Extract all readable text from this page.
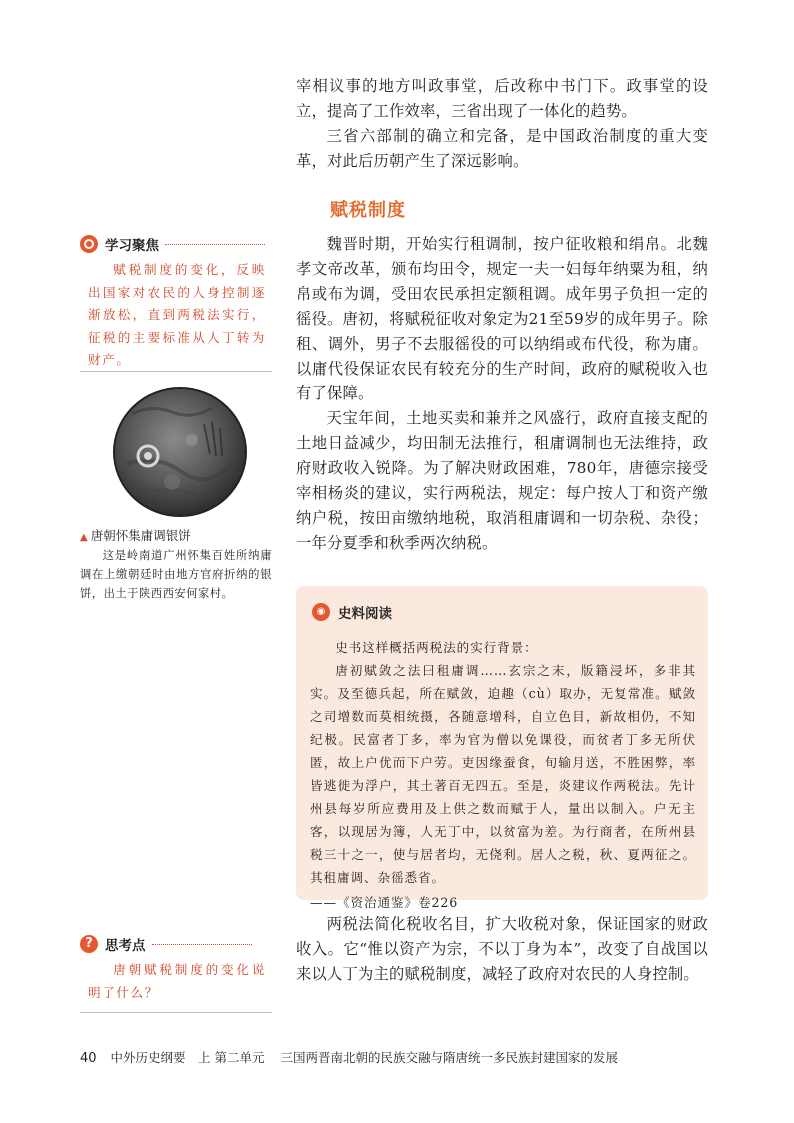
宰相议事的地方叫政事堂，后改称中书门下。政事堂的设立，提高了工作效率，三省出现了一体化的趋势。

三省六部制的确立和完备，是中国政治制度的重大变革，对此后历朝产生了深远影响。

赋税制度

魏晋时期，开始实行租调制，按户征收粮和绢帛。北魏孝文帝改革，颁布均田令，规定一夫一妇每年纳粟为租，纳帛或布为调，受田农民承担定额租调。成年男子负担一定的徭役。唐初，将赋税征收对象定为21至59岁的成年男子。除租、调外，男子不去服徭役的可以纳绢或布代役，称为庸。以庸代役保证农民有较充分的生产时间，政府的赋税收入也有了保障。

天宝年间，土地买卖和兼并之风盛行，政府直接支配的土地日益减少，均田制无法推行，租庸调制也无法维持，政府财政收入锐降。为了解决财政困难，780年，唐德宗接受宰相杨炎的建议，实行两税法，规定：每户按人丁和资产缴纳户税，按田亩缴纳地税，取消租庸调和一切杂税、杂役；一年分夏季和秋季两次纳税。

学习聚焦
赋税制度的变化，反映出国家对农民的人身控制逐渐放松，直到两税法实行，征税的主要标准从人丁转为财产。
▲ 唐朝怀集庸调银饼
这是岭南道广州怀集百姓所纳庸调在上缴朝廷时由地方官府折纳的银饼，出土于陕西西安何家村。
◉ 史料阅读

史书这样概括两税法的实行背景：

唐初赋敛之法曰租庸调……玄宗之末，版籍浸坏，多非其实。及至德兵起，所在赋敛，迫趣（cù）取办，无复常准。赋敛之司增数而莫相统摄，各随意增科，自立色目，新故相仍，不知纪极。民富者丁多，率为官为僧以免课役，而贫者丁多无所伏匿，故上户优而下户劳。吏因缘蚕食，旬输月送，不胜困弊，率皆逃徙为浮户，其土著百无四五。至是，炎建议作两税法。先计州县每岁所应费用及上供之数而赋于人，量出以制入。户无主客，以现居为簿，人无丁中，以贫富为差。为行商者，在所州县税三十之一，使与居者均，无侥利。居人之税，秋、夏两征之。其租庸调、杂徭悉省。

——《资治通鉴》卷226

两税法简化税收名目，扩大收税对象，保证国家的财政收入。它“惟以资产为宗，不以丁身为本”，改变了自战国以来以人丁为主的赋税制度，减轻了政府对农民的人身控制。

? 思考点
唐朝赋税制度的变化说明了什么？
40 中外历史纲要　上 第二单元 三国两晋南北朝的民族交融与隋唐统一多民族封建国家的发展
